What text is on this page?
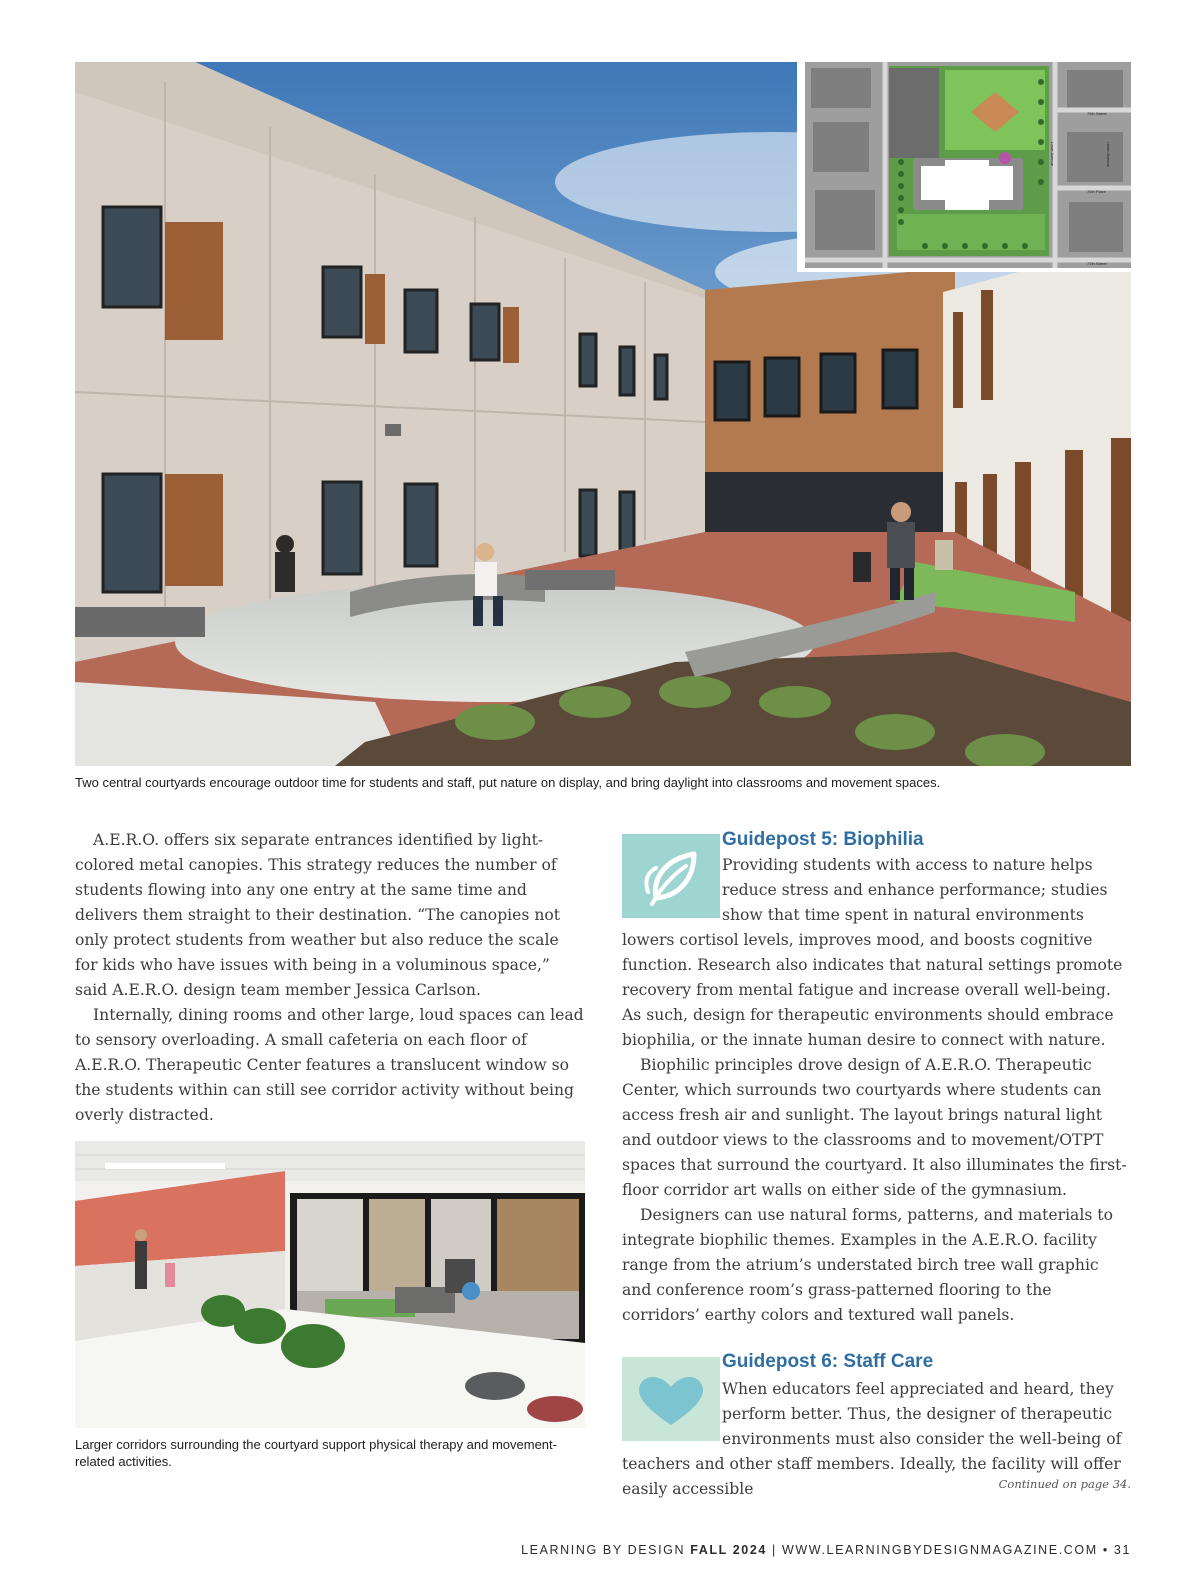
75th Street
76th Place
77th Street
Lowe Avenue	Union Avenue
Two central courtyards encourage outdoor time for students and staff, put nature on display, and bring daylight into classrooms and movement spaces.

A.E.R.O. offers six separate entrances identified by light-colored metal canopies. This strategy reduces the number of students flowing into any one entry at the same time and delivers them straight to their destination. “The canopies not only protect students from weather but also reduce the scale for kids who have issues with being in a voluminous space,” said A.E.R.O. design team member Jessica Carlson.

Internally, dining rooms and other large, loud spaces can lead to sensory overloading. A small cafeteria on each floor of A.E.R.O. Therapeutic Center features a translucent window so the students within can still see corridor activity without being overly distracted.

Larger corridors surrounding the courtyard support physical therapy and movement-related activities.
Guidepost 5: Biophilia

Providing students with access to nature helps reduce stress and enhance performance; studies show that time spent in natural environments lowers cortisol levels, improves mood, and boosts cognitive function. Research also indicates that natural settings promote recovery from mental fatigue and increase overall well-being. As such, design for therapeutic environments should embrace biophilia, or the innate human desire to connect with nature.

Biophilic principles drove design of A.E.R.O. Therapeutic Center, which surrounds two courtyards where students can access fresh air and sunlight. The layout brings natural light and outdoor views to the classrooms and to movement/OTPT spaces that surround the courtyard. It also illuminates the first-floor corridor art walls on either side of the gymnasium.

Designers can use natural forms, patterns, and materials to integrate biophilic themes. Examples in the A.E.R.O. facility range from the atrium’s understated birch tree wall graphic and conference room’s grass-patterned flooring to the corridors’ earthy colors and textured wall panels.

Guidepost 6: Staff Care

When educators feel appreciated and heard, they perform better. Thus, the designer of therapeutic environments must also consider the well-being of teachers and other staff members. Ideally, the facility will offer easily accessible	Continued on page 34.
LEARNING BY DESIGN FALL 2024 | WWW.LEARNINGBYDESIGNMAGAZINE.COM • 31
